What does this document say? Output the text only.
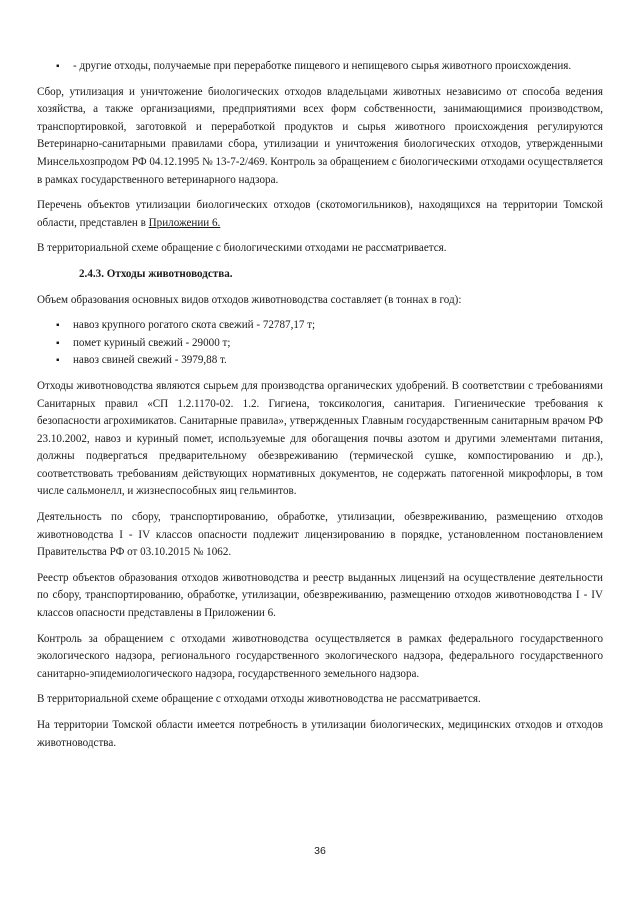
▪ - другие отходы, получаемые при переработке пищевого и непищевого сырья животного происхождения.

Сбор, утилизация и уничтожение биологических отходов владельцами животных независимо от способа ведения хозяйства, а также организациями, предприятиями всех форм собственности, занимающимися производством, транспортировкой, заготовкой и переработкой продуктов и сырья животного происхождения регулируются Ветеринарно-санитарными правилами сбора, утилизации и уничтожения биологических отходов, утвержденными Минсельхозпродом РФ 04.12.1995 № 13-7-2/469. Контроль за обращением с биологическими отходами осуществляется в рамках государственного ветеринарного надзора.

Перечень объектов утилизации биологических отходов (скотомогильников), находящихся на территории Томской области, представлен в Приложении 6.

В территориальной схеме обращение с биологическими отходами не рассматривается.

2.4.3. Отходы животноводства.

Объем образования основных видов отходов животноводства составляет (в тоннах в год):

▪ навоз крупного рогатого скота свежий - 72787,17 т;

▪ помет куриный свежий - 29000 т;

▪ навоз свиней свежий - 3979,88 т.

Отходы животноводства являются сырьем для производства органических удобрений. В соответствии с требованиями Санитарных правил «СП 1.2.1170-02. 1.2. Гигиена, токсикология, санитария. Гигиенические требования к безопасности агрохимикатов. Санитарные правила», утвержденных Главным государственным санитарным врачом РФ 23.10.2002, навоз и куриный помет, используемые для обогащения почвы азотом и другими элементами питания, должны подвергаться предварительному обезвреживанию (термической сушке, компостированию и др.), соответствовать требованиям действующих нормативных документов, не содержать патогенной микрофлоры, в том числе сальмонелл, и жизнеспособных яиц гельминтов.

Деятельность по сбору, транспортированию, обработке, утилизации, обезвреживанию, размещению отходов животноводства I - IV классов опасности подлежит лицензированию в порядке, установленном постановлением Правительства РФ от 03.10.2015 № 1062.

Реестр объектов образования отходов животноводства и реестр выданных лицензий на осуществление деятельности по сбору, транспортированию, обработке, утилизации, обезвреживанию, размещению отходов животноводства I - IV классов опасности представлены в Приложении 6.

Контроль за обращением с отходами животноводства осуществляется в рамках федерального государственного экологического надзора, регионального государственного экологического надзора, федерального государственного санитарно-эпидемиологического надзора, государственного земельного надзора.

В территориальной схеме обращение с отходами отходы животноводства не рассматривается.

На территории Томской области имеется потребность в утилизации биологических, медицинских отходов и отходов животноводства.

36
